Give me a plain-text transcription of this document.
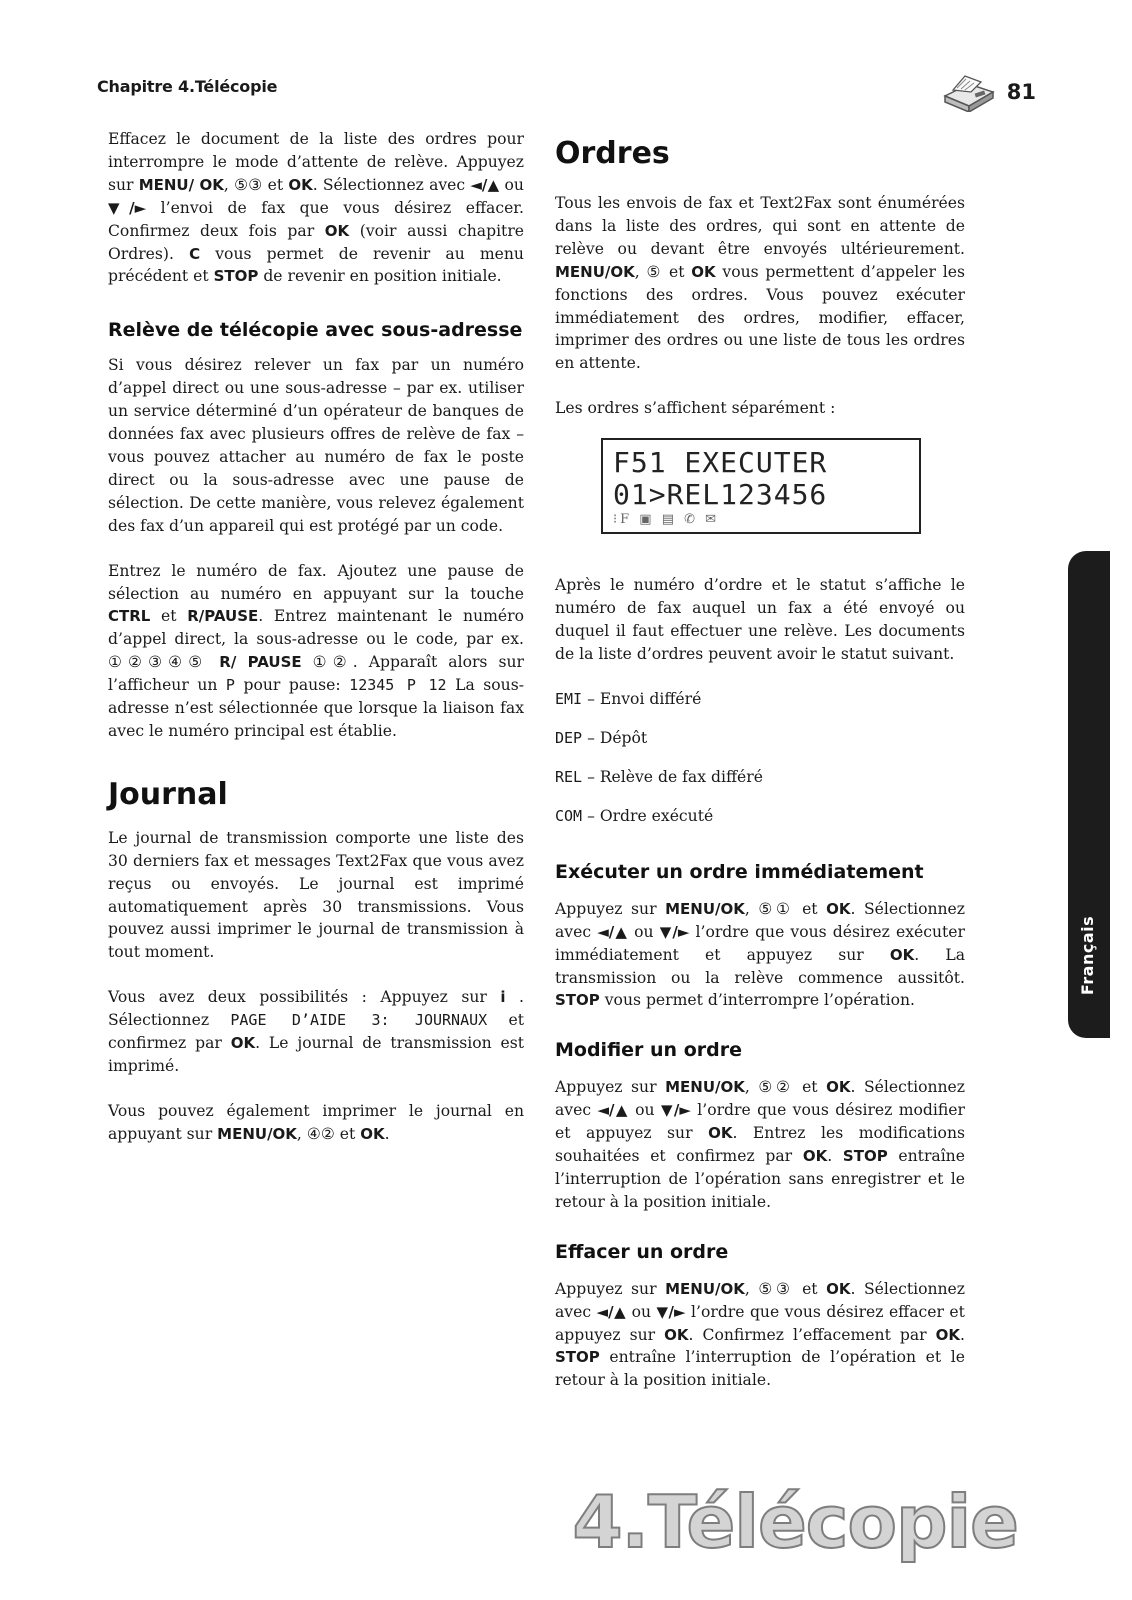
Chapitre 4.Télécopie	81

Effacez le document de la liste des ordres pour interrompre le mode d’attente de relève. Appuyez sur MENU/ OK, ⑤③ et OK. Sélectionnez avec ◄/▲ ou ▼/► l’envoi de fax que vous désirez effacer. Confirmez deux fois par OK (voir aussi chapitre Ordres). C vous permet de revenir au menu précédent et STOP de revenir en position initiale.

Relève de télécopie avec sous-adresse

Si vous désirez relever un fax par un numéro d’appel direct ou une sous-adresse – par ex. utiliser un service déterminé d’un opérateur de banques de données fax avec plusieurs offres de relève de fax – vous pouvez attacher au numéro de fax le poste direct ou la sous-adresse avec une pause de sélection. De cette manière, vous relevez également des fax d’un appareil qui est protégé par un code.

Entrez le numéro de fax. Ajoutez une pause de sélection au numéro en appuyant sur la touche CTRL et R/PAUSE. Entrez maintenant le numéro d’appel direct, la sous-adresse ou le code, par ex. ①②③④⑤ R/ PAUSE ①②. Apparaît alors sur l’afficheur un P pour pause: 12345 P 12 La sous-adresse n’est sélectionnée que lorsque la liaison fax avec le numéro principal est établie.

Journal

Le journal de transmission comporte une liste des 30 derniers fax et messages Text2Fax que vous avez reçus ou envoyés. Le journal est imprimé automatiquement après 30 transmissions. Vous pouvez aussi imprimer le journal de transmission à tout moment.

Vous avez deux possibilités : Appuyez sur i . Sélectionnez PAGE D’AIDE 3: JOURNAUX et confirmez par OK. Le journal de transmission est imprimé.

Vous pouvez également imprimer le journal en appuyant sur MENU/OK, ④② et OK.

Ordres

Tous les envois de fax et Text2Fax sont énumérées dans la liste des ordres, qui sont en attente de relève ou devant être envoyés ultérieurement. MENU/OK, ⑤ et OK vous permettent d’appeler les fonctions des ordres. Vous pouvez exécuter immédiatement des ordres, modifier, effacer, imprimer des ordres ou une liste de tous les ordres en attente.

Les ordres s’affichent séparément :

F51 EXECUTER
01>REL123456
⁝F ▣ ▤ ✆ ✉

Après le numéro d’ordre et le statut s’affiche le numéro de fax auquel un fax a été envoyé ou duquel il faut effectuer une relève. Les documents de la liste d’ordres peuvent avoir le statut suivant.

EMI – Envoi différé

DEP – Dépôt

REL – Relève de fax différé

COM – Ordre exécuté

Exécuter un ordre immédiatement

Appuyez sur MENU/OK, ⑤① et OK. Sélectionnez avec ◄/▲ ou ▼/► l’ordre que vous désirez exécuter immédiatement et appuyez sur OK. La transmission ou la relève commence aussitôt. STOP vous permet d’interrompre l’opération.

Modifier un ordre

Appuyez sur MENU/OK, ⑤② et OK. Sélectionnez avec ◄/▲ ou ▼/► l’ordre que vous désirez modifier et appuyez sur OK. Entrez les modifications souhaitées et confirmez par OK. STOP entraîne l’interruption de l’opération sans enregistrer et le retour à la position initiale.

Effacer un ordre

Appuyez sur MENU/OK, ⑤③ et OK. Sélectionnez avec ◄/▲ ou ▼/► l’ordre que vous désirez effacer et appuyez sur OK. Confirmez l’effacement par OK. STOP entraîne l’interruption de l’opération et le retour à la position initiale.

Français
4.Télécopie
